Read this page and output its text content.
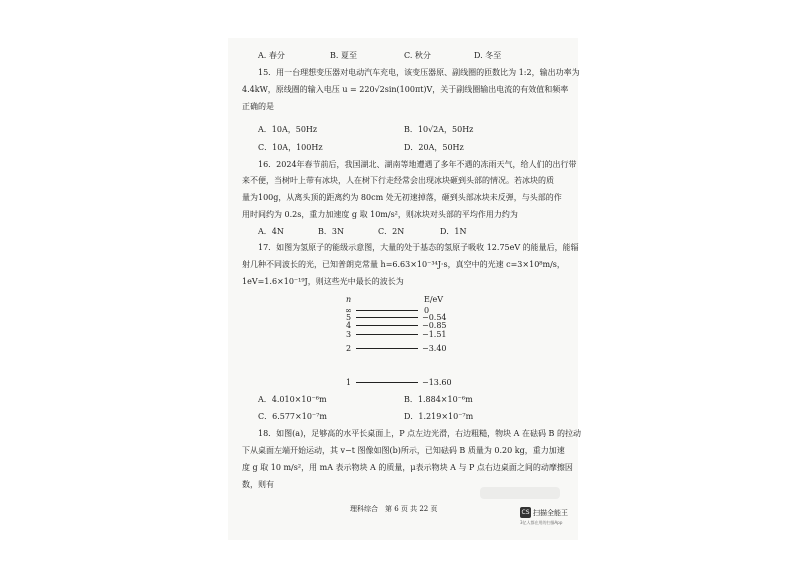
A. 春分	B. 夏至	C. 秋分	D. 冬至
15．用一台理想变压器对电动汽车充电，该变压器原、副线圈的匝数比为 1:2，输出功率为
4.4kW，原线圈的输入电压 u = 220√2sin(100πt)V，关于副线圈输出电流的有效值和频率
正确的是
A．10A，50Hz	B．10√2A，50Hz
C．10A，100Hz	D．20A，50Hz
16．2024年春节前后，我国湖北、湖南等地遭遇了多年不遇的冻雨天气，给人们的出行带
来不便，当树叶上带有冰块，人在树下行走经常会出现冰块砸到头部的情况。若冰块的质
量为100g，从离头顶的距离约为 80cm 处无初速掉落，砸到头部冰块未反弹，与头部的作
用时间约为 0.2s，重力加速度 g 取 10m/s²，则冰块对头部的平均作用力约为
A．4N	B．3N	C．2N	D．1N
17．如图为氢原子的能级示意图，大量的处于基态的氢原子吸收 12.75eV 的能量后，能辐
射几种不同波长的光，已知普朗克常量 h=6.63×10⁻³⁴J·s，真空中的光速 c=3×10⁸m/s，
1eV=1.6×10⁻¹⁹J，则这些光中最长的波长为
n	E/eV
∞	0
5	−0.54
4	−0.85
3	−1.51
2	−3.40
1	−13.60
A．4.010×10⁻⁶m	B．1.884×10⁻⁶m
C．6.577×10⁻⁷m	D．1.219×10⁻⁷m
18．如图(a)，足够高的水平长桌面上，P 点左边光滑，右边粗糙，物块 A 在砝码 B 的拉动
下从桌面左端开始运动，其 v−t 图像如图(b)所示，已知砝码 B 质量为 0.20 kg，重力加速
度 g 取 10 m/s²，用 mA 表示物块 A 的质量，μ表示物块 A 与 P 点右边桌面之间的动摩擦因
数，则有
理科综合　第 6 页 共 22 页	CS 扫描全能王
3亿人都在用的扫描App
